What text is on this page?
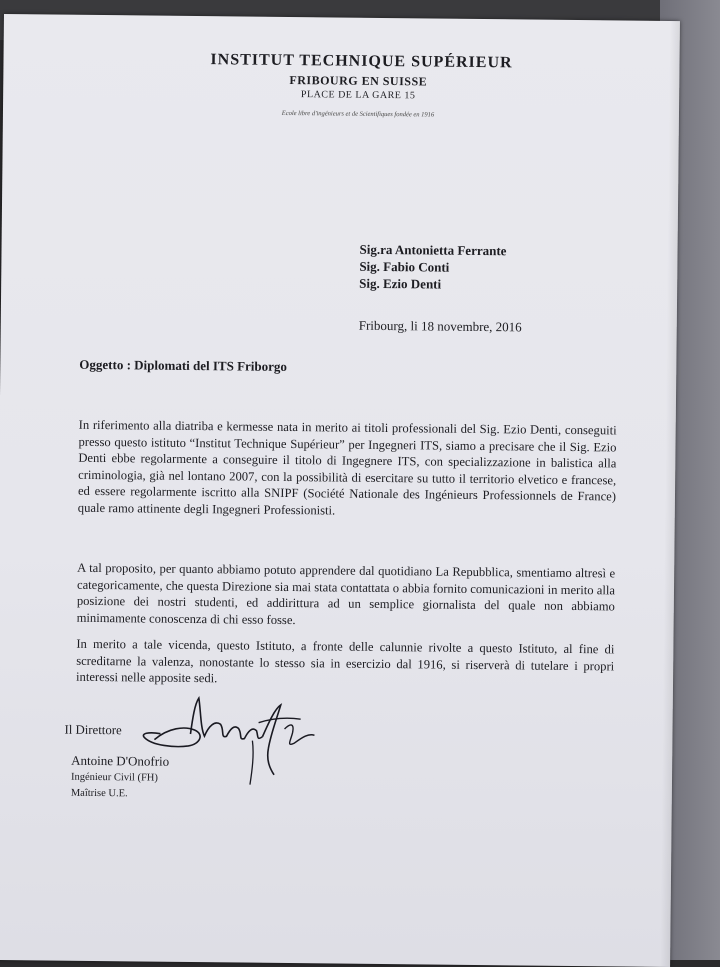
INSTITUT TECHNIQUE SUPÉRIEUR
FRIBOURG EN SUISSE
PLACE DE LA GARE 15
Ecole libre d'ingénieurs et de Scientifiques fondée en 1916
Sig.ra Antonietta Ferrante
Sig. Fabio Conti
Sig. Ezio Denti
Fribourg, li 18 novembre, 2016
Oggetto : Diplomati del ITS Friborgo
In riferimento alla diatriba e kermesse nata in merito ai titoli professionali del Sig. Ezio Denti, conseguiti presso questo istituto “Institut Technique Supérieur” per Ingegneri ITS, siamo a precisare che il Sig. Ezio Denti ebbe regolarmente a conseguire il titolo di Ingegnere ITS, con specializzazione in balistica alla criminologia, già nel lontano 2007, con la possibilità di esercitare su tutto il territorio elvetico e francese, ed essere regolarmente iscritto alla SNIPF (Société Nationale des Ingénieurs Professionnels de France) quale ramo attinente degli Ingegneri Professionisti.
A tal proposito, per quanto abbiamo potuto apprendere dal quotidiano La Repubblica, smentiamo altresì e categoricamente, che questa Direzione sia mai stata contattata o abbia fornito comunicazioni in merito alla posizione dei nostri studenti, ed addirittura ad un semplice giornalista del quale non abbiamo minimamente conoscenza di chi esso fosse.
In merito a tale vicenda, questo Istituto, a fronte delle calunnie rivolte a questo Istituto, al fine di screditarne la valenza, nonostante lo stesso sia in esercizio dal 1916, si riserverà di tutelare i propri interessi nelle apposite sedi.
Il Direttore
Antoine D'Onofrio
Ingénieur Civil (FH)
Maîtrise U.E.
